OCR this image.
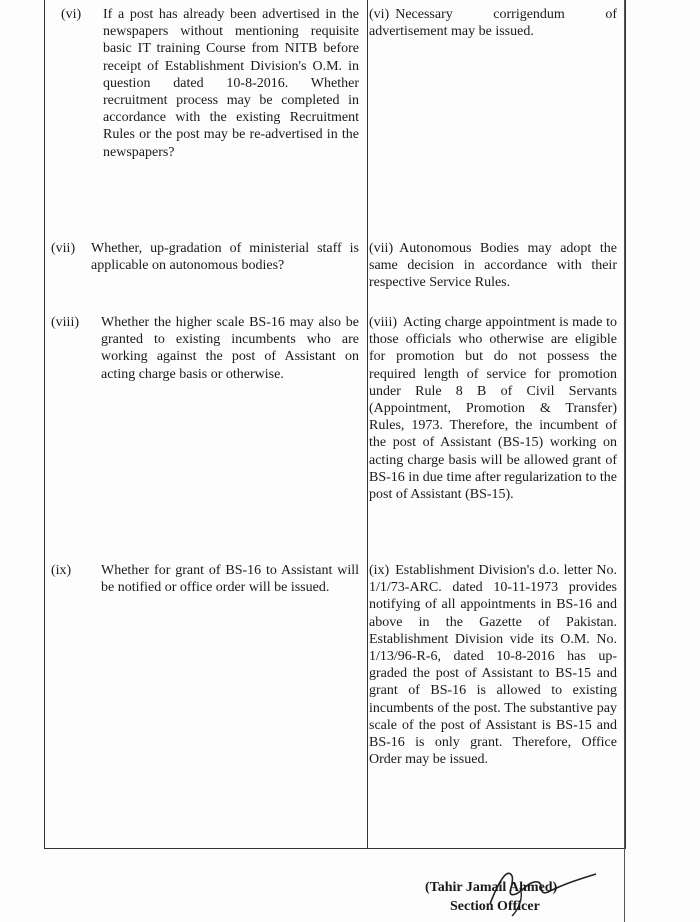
(vi) If a post has already been advertised in the newspapers without mentioning requisite basic IT training Course from NITB before receipt of Establishment Division's O.M. in question dated 10-8-2016. Whether recruitment process may be completed in accordance with the existing Recruitment Rules or the post may be re-advertised in the newspapers?
(vi) Necessary corrigendum of advertisement may be issued.
(vii) Whether, up-gradation of ministerial staff is applicable on autonomous bodies?
(vii) Autonomous Bodies may adopt the same decision in accordance with their respective Service Rules.
(viii) Whether the higher scale BS-16 may also be granted to existing incumbents who are working against the post of Assistant on acting charge basis or otherwise.
(viii) Acting charge appointment is made to those officials who otherwise are eligible for promotion but do not possess the required length of service for promotion under Rule 8 B of Civil Servants (Appointment, Promotion & Transfer) Rules, 1973. Therefore, the incumbent of the post of Assistant (BS-15) working on acting charge basis will be allowed grant of BS-16 in due time after regularization to the post of Assistant (BS-15).
(ix) Whether for grant of BS-16 to Assistant will be notified or office order will be issued.
(ix) Establishment Division's d.o. letter No. 1/1/73-ARC. dated 10-11-1973 provides notifying of all appointments in BS-16 and above in the Gazette of Pakistan. Establishment Division vide its O.M. No. 1/13/96-R-6, dated 10-8-2016 has up-graded the post of Assistant to BS-15 and grant of BS-16 is allowed to existing incumbents of the post. The substantive pay scale of the post of Assistant is BS-15 and BS-16 is only grant. Therefore, Office Order may be issued.
(Tahir Jamail Ahmed)
Section Officer
